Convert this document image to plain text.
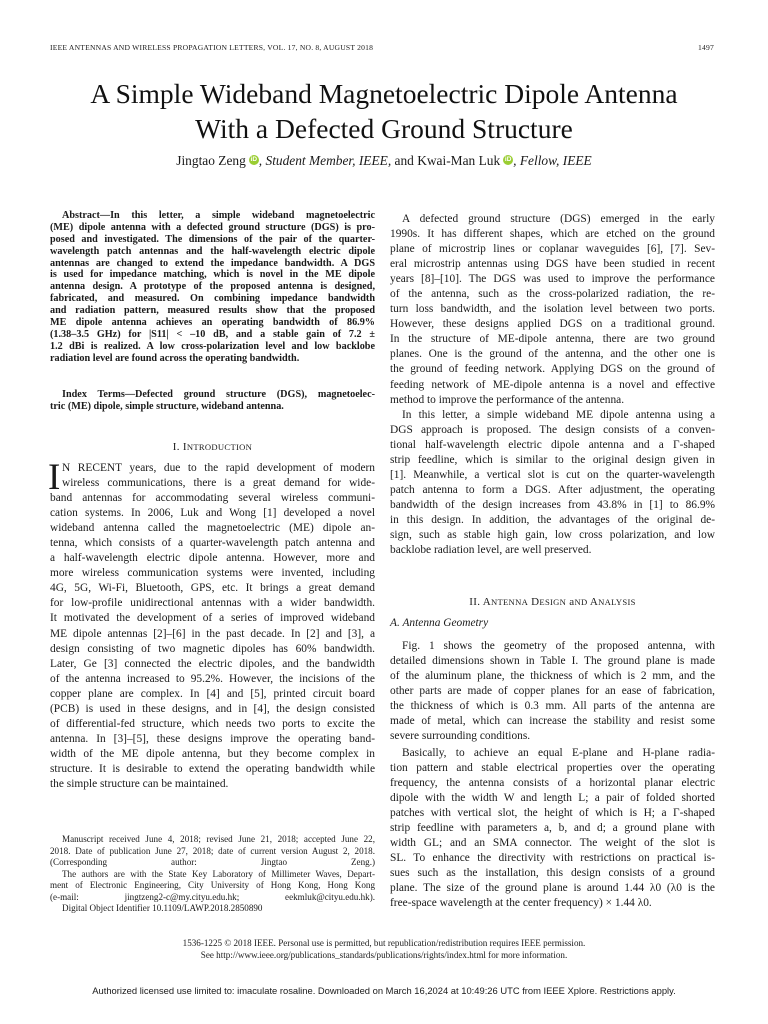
IEEE ANTENNAS AND WIRELESS PROPAGATION LETTERS, VOL. 17, NO. 8, AUGUST 2018	1497
A Simple Wideband Magnetoelectric Dipole Antenna
With a Defected Ground Structure
Jingtao Zeng iD , Student Member, IEEE, and Kwai-Man Luk iD , Fellow, IEEE
Abstract—In this letter, a simple wideband magnetoelectric
(ME) dipole antenna with a defected ground structure (DGS) is pro-
posed and investigated. The dimensions of the pair of the quarter-
wavelength patch antennas and the half-wavelength electric dipole
antennas are changed to extend the impedance bandwidth. A DGS
is used for impedance matching, which is novel in the ME dipole
antenna design. A prototype of the proposed antenna is designed,
fabricated, and measured. On combining impedance bandwidth
and radiation pattern, measured results show that the proposed
ME dipole antenna achieves an operating bandwidth of 86.9%
(1.38–3.5 GHz) for |S11| < –10 dB, and a stable gain of 7.2 ±
1.2 dBi is realized. A low cross-polarization level and low backlobe
radiation level are found across the operating bandwidth.
Index Terms—Defected ground structure (DGS), magnetoelec-
tric (ME) dipole, simple structure, wideband antenna.
I. INTRODUCTION
I N RECENT years, due to the rapid development of modern
wireless communications, there is a great demand for wide-
band antennas for accommodating several wireless communi-
cation systems. In 2006, Luk and Wong [1] developed a novel
wideband antenna called the magnetoelectric (ME) dipole an-
tenna, which consists of a quarter-wavelength patch antenna and
a half-wavelength electric dipole antenna. However, more and
more wireless communication systems were invented, including
4G, 5G, Wi-Fi, Bluetooth, GPS, etc. It brings a great demand
for low-profile unidirectional antennas with a wider bandwidth.
It motivated the development of a series of improved wideband
ME dipole antennas [2]–[6] in the past decade. In [2] and [3], a
design consisting of two magnetic dipoles has 60% bandwidth.
Later, Ge [3] connected the electric dipoles, and the bandwidth
of the antenna increased to 95.2%. However, the incisions of the
copper plane are complex. In [4] and [5], printed circuit board
(PCB) is used in these designs, and in [4], the design consisted
of differential-fed structure, which needs two ports to excite the
antenna. In [3]–[5], these designs improve the operating band-
width of the ME dipole antenna, but they become complex in
structure. It is desirable to extend the operating bandwidth while
the simple structure can be maintained.
Manuscript received June 4, 2018; revised June 21, 2018; accepted June 22,
2018. Date of publication June 27, 2018; date of current version August 2, 2018.
(Corresponding author: Jingtao Zeng.)
The authors are with the State Key Laboratory of Millimeter Waves, Depart-
ment of Electronic Engineering, City University of Hong Kong, Hong Kong
(e-mail: jingtzeng2-c@my.cityu.edu.hk; eekmluk@cityu.edu.hk).
Digital Object Identifier 10.1109/LAWP.2018.2850890
A defected ground structure (DGS) emerged in the early
1990s. It has different shapes, which are etched on the ground
plane of microstrip lines or coplanar waveguides [6], [7]. Sev-
eral microstrip antennas using DGS have been studied in recent
years [8]–[10]. The DGS was used to improve the performance
of the antenna, such as the cross-polarized radiation, the re-
turn loss bandwidth, and the isolation level between two ports.
However, these designs applied DGS on a traditional ground.
In the structure of ME-dipole antenna, there are two ground
planes. One is the ground of the antenna, and the other one is
the ground of feeding network. Applying DGS on the ground of
feeding network of ME-dipole antenna is a novel and effective
method to improve the performance of the antenna.
In this letter, a simple wideband ME dipole antenna using a
DGS approach is proposed. The design consists of a conven-
tional half-wavelength electric dipole antenna and a Γ-shaped
strip feedline, which is similar to the original design given in
[1]. Meanwhile, a vertical slot is cut on the quarter-wavelength
patch antenna to form a DGS. After adjustment, the operating
bandwidth of the design increases from 43.8% in [1] to 86.9%
in this design. In addition, the advantages of the original de-
sign, such as stable high gain, low cross polarization, and low
backlobe radiation level, are well preserved.
II. ANTENNA DESIGN aND ANALYSIS
A. Antenna Geometry
Fig. 1 shows the geometry of the proposed antenna, with
detailed dimensions shown in Table I. The ground plane is made
of the aluminum plane, the thickness of which is 2 mm, and the
other parts are made of copper planes for an ease of fabrication,
the thickness of which is 0.3 mm. All parts of the antenna are
made of metal, which can increase the stability and resist some
severe surrounding conditions.
Basically, to achieve an equal E-plane and H-plane radia-
tion pattern and stable electrical properties over the operating
frequency, the antenna consists of a horizontal planar electric
dipole with the width W and length L; a pair of folded shorted
patches with vertical slot, the height of which is H; a Γ-shaped
strip feedline with parameters a, b, and d; a ground plane with
width GL; and an SMA connector. The weight of the slot is
SL. To enhance the directivity with restrictions on practical is-
sues such as the installation, this design consists of a ground
plane. The size of the ground plane is around 1.44 λ0 (λ0 is the
free-space wavelength at the center frequency) × 1.44 λ0.
1536-1225 © 2018 IEEE. Personal use is permitted, but republication/redistribution requires IEEE permission.
See http://www.ieee.org/publications_standards/publications/rights/index.html for more information.
Authorized licensed use limited to: imaculate rosaline. Downloaded on March 16,2024 at 10:49:26 UTC from IEEE Xplore. Restrictions apply.
